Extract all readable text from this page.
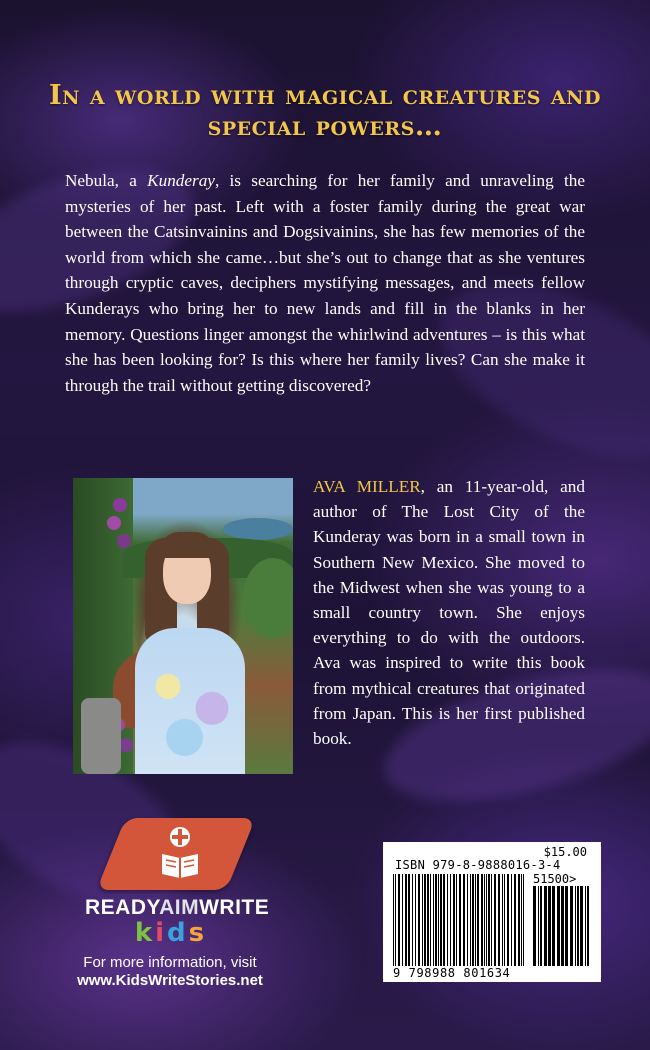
In a world with magical creatures and special powers…
Nebula, a Kunderay, is searching for her family and unraveling the mysteries of her past. Left with a foster family during the great war between the Catsinvainins and Dogsivainins, she has few memories of the world from which she came…but she’s out to change that as she ventures through cryptic caves, deciphers mystifying messages, and meets fellow Kunderays who bring her to new lands and fill in the blanks in her memory. Questions linger amongst the whirlwind adventures – is this what she has been looking for? Is this where her family lives? Can she make it through the trail without getting discovered?
AVA MILLER, an 11-year-old, and author of The Lost City of the Kunderay was born in a small town in Southern New Mexico. She moved to the Midwest when she was young to a small country town. She enjoys everything to do with the outdoors. Ava was inspired to write this book from mythical creatures that originated from Japan. This is her first published book.
READYAIMWRITE
kids
For more information, visit
www.KidsWriteStories.net
$15.00
ISBN 979-8-9888016-3-4
51500>
9 798988 801634
